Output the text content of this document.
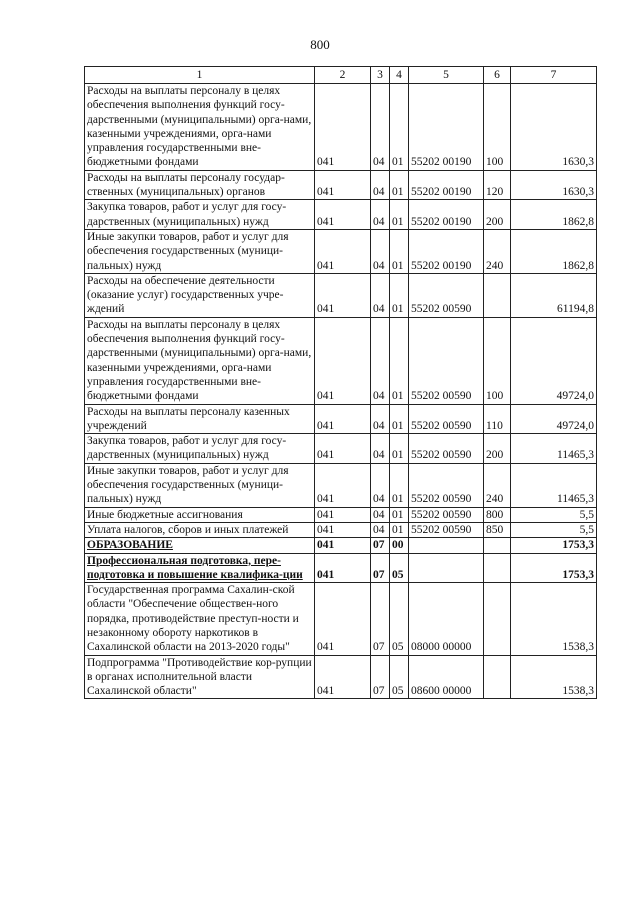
800
1	2	3	4	5	6	7
Расходы на выплаты персоналу в целях обеспечения выполнения функций госу-дарственными (муниципальными) орга-нами, казенными учреждениями, орга-нами управления государственными вне-бюджетными фондами	041	04	01	55202 00190	100	1630,3
Расходы на выплаты персоналу государ-ственных (муниципальных) органов	041	04	01	55202 00190	120	1630,3
Закупка товаров, работ и услуг для госу-дарственных (муниципальных) нужд	041	04	01	55202 00190	200	1862,8
Иные закупки товаров, работ и услуг для обеспечения государственных (муници-пальных) нужд	041	04	01	55202 00190	240	1862,8
Расходы на обеспечение деятельности (оказание услуг) государственных учре-ждений	041	04	01	55202 00590		61194,8
Расходы на выплаты персоналу в целях обеспечения выполнения функций госу-дарственными (муниципальными) орга-нами, казенными учреждениями, орга-нами управления государственными вне-бюджетными фондами	041	04	01	55202 00590	100	49724,0
Расходы на выплаты персоналу казенных учреждений	041	04	01	55202 00590	110	49724,0
Закупка товаров, работ и услуг для госу-дарственных (муниципальных) нужд	041	04	01	55202 00590	200	11465,3
Иные закупки товаров, работ и услуг для обеспечения государственных (муници-пальных) нужд	041	04	01	55202 00590	240	11465,3
Иные бюджетные ассигнования	041	04	01	55202 00590	800	5,5
Уплата налогов, сборов и иных платежей	041	04	01	55202 00590	850	5,5
ОБРАЗОВАНИЕ	041	07	00			1753,3
Профессиональная подготовка, пере-подготовка и повышение квалифика-ции	041	07	05			1753,3
Государственная программа Сахалин-ской области "Обеспечение обществен-ного порядка, противодействие преступ-ности и незаконному обороту наркотиков в Сахалинской области на 2013-2020 годы"	041	07	05	08000 00000		1538,3
Подпрограмма "Противодействие кор-рупции в органах исполнительной власти Сахалинской области"	041	07	05	08600 00000		1538,3
